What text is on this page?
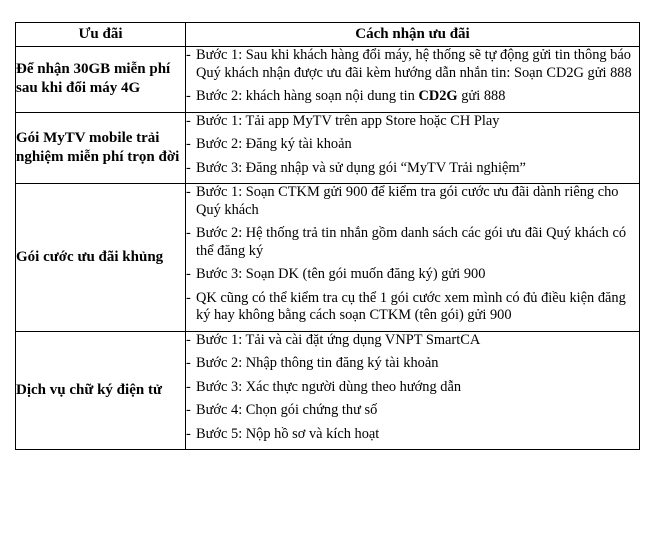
Ưu đãi	Cách nhận ưu đãi
Để nhận 30GB miễn phí sau khi đổi máy 4G	- Bước 1: Sau khi khách hàng đổi máy, hệ thống sẽ tự động gửi tin thông báo Quý khách nhận được ưu đãi kèm hướng dẫn nhắn tin: Soạn CD2G gửi 888
- Bước 2: khách hàng soạn nội dung tin CD2G gửi 888

Gói MyTV mobile trải nghiệm miễn phí trọn đời	- Bước 1: Tải app MyTV trên app Store hoặc CH Play
- Bước 2: Đăng ký tài khoản
- Bước 3: Đăng nhập và sử dụng gói “MyTV Trải nghiệm”

Gói cước ưu đãi khủng	- Bước 1: Soạn CTKM gửi 900 để kiểm tra gói cước ưu đãi dành riêng cho Quý khách
- Bước 2: Hệ thống trả tin nhắn gồm danh sách các gói ưu đãi Quý khách có thể đăng ký
- Bước 3: Soạn DK (tên gói muốn đăng ký) gửi 900
- QK cũng có thể kiểm tra cụ thể 1 gói cước xem mình có đủ điều kiện đăng ký hay không bằng cách soạn CTKM (tên gói) gửi 900

Dịch vụ chữ ký điện tử	- Bước 1: Tải và cài đặt ứng dụng VNPT SmartCA
- Bước 2: Nhập thông tin đăng ký tài khoản
- Bước 3: Xác thực người dùng theo hướng dẫn
- Bước 4: Chọn gói chứng thư số
- Bước 5: Nộp hồ sơ và kích hoạt
